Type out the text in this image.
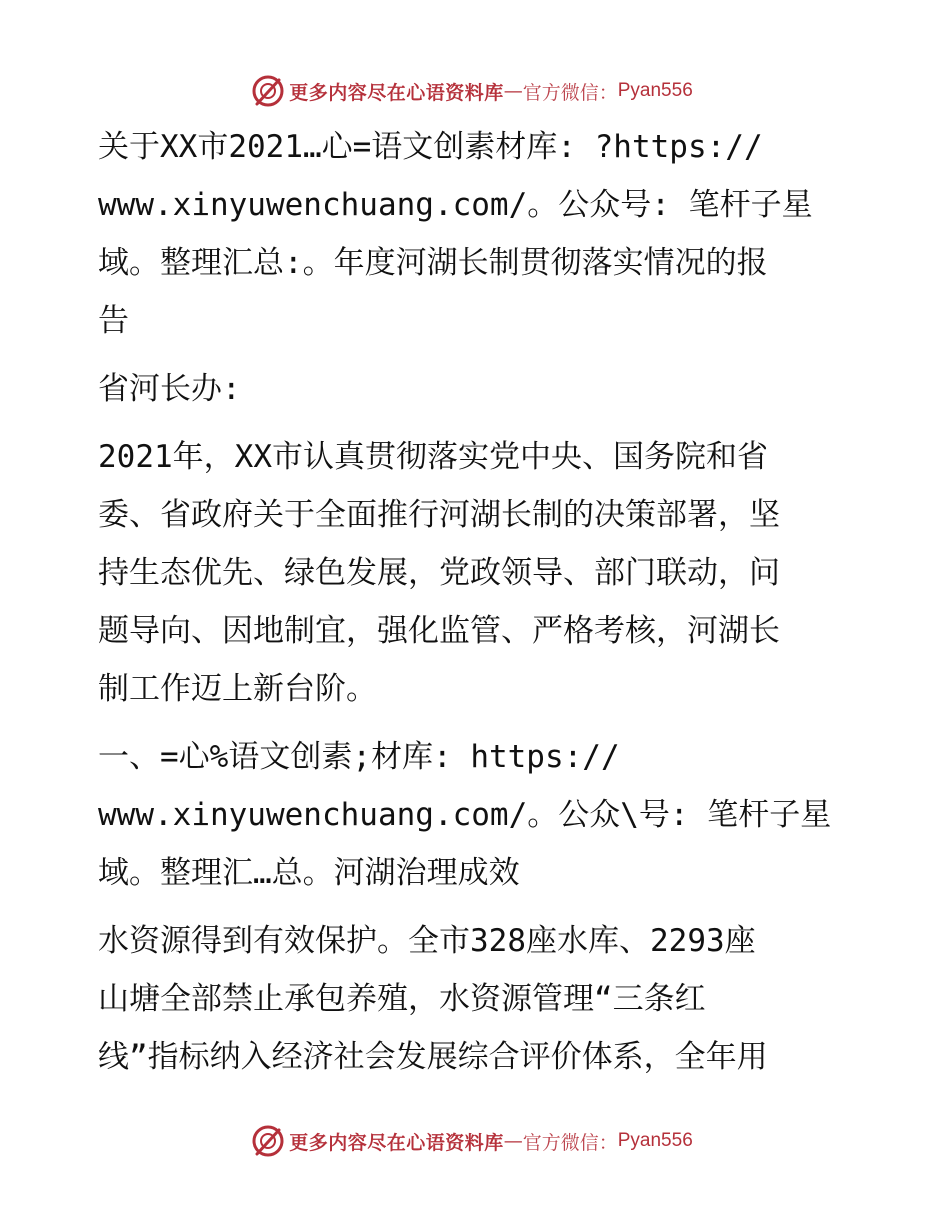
更多内容尽在心语资料库 — 官方微信： Pyan556

关于XX市2021…心=语文创素材库: ?https://
www.xinyuwenchuang.com/。公众号: 笔杆子星
域。整理汇总:。年度河湖长制贯彻落实情况的报
告

省河长办:

2021年，XX市认真贯彻落实党中央、国务院和省
委、省政府关于全面推行河湖长制的决策部署，坚
持生态优先、绿色发展，党政领导、部门联动，问
题导向、因地制宜，强化监管、严格考核，河湖长
制工作迈上新台阶。

一、=心%语文创素;材库: https://
www.xinyuwenchuang.com/。公众\号: 笔杆子星
域。整理汇…总。河湖治理成效

水资源得到有效保护。全市328座水库、2293座
山塘全部禁止承包养殖，水资源管理“三条红
线”指标纳入经济社会发展综合评价体系，全年用

更多内容尽在心语资料库 — 官方微信： Pyan556
